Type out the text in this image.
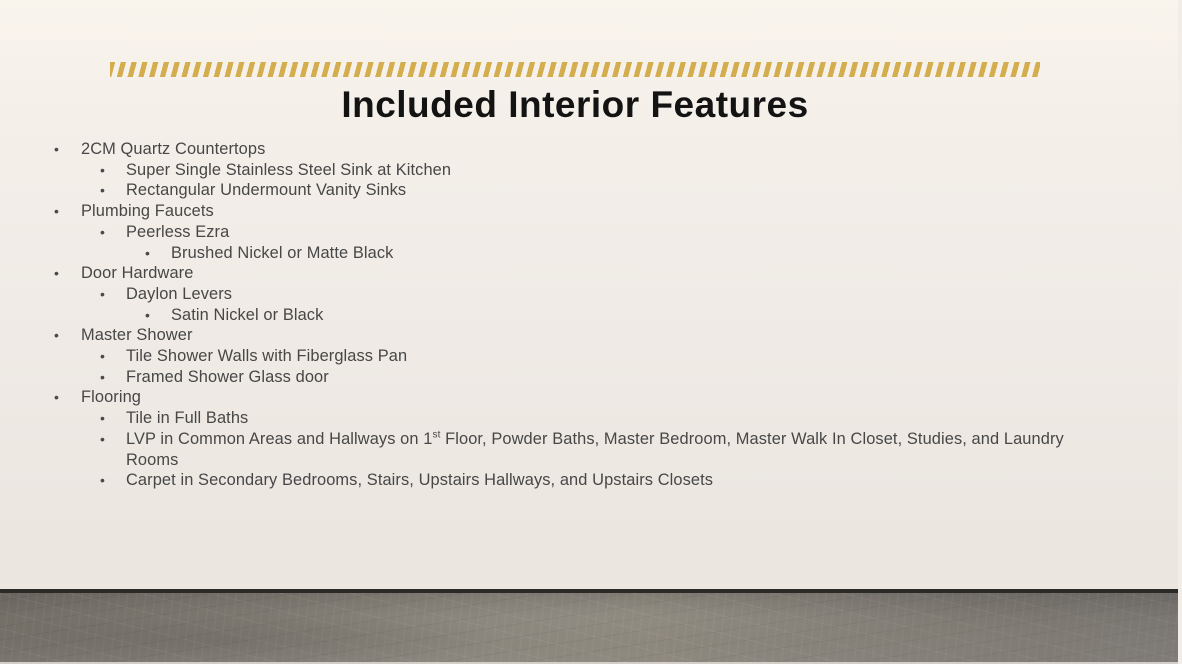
Included Interior Features
• 2CM Quartz Countertops
• Super Single Stainless Steel Sink at Kitchen
• Rectangular Undermount Vanity Sinks
• Plumbing Faucets
• Peerless Ezra
• Brushed Nickel or Matte Black
• Door Hardware
• Daylon Levers
• Satin Nickel or Black
• Master Shower
• Tile Shower Walls with Fiberglass Pan
• Framed Shower Glass door
• Flooring
• Tile in Full Baths
• LVP in Common Areas and Hallways on 1st Floor, Powder Baths, Master Bedroom, Master Walk In Closet, Studies, and Laundry Rooms
• Carpet in Secondary Bedrooms, Stairs, Upstairs Hallways, and Upstairs Closets
